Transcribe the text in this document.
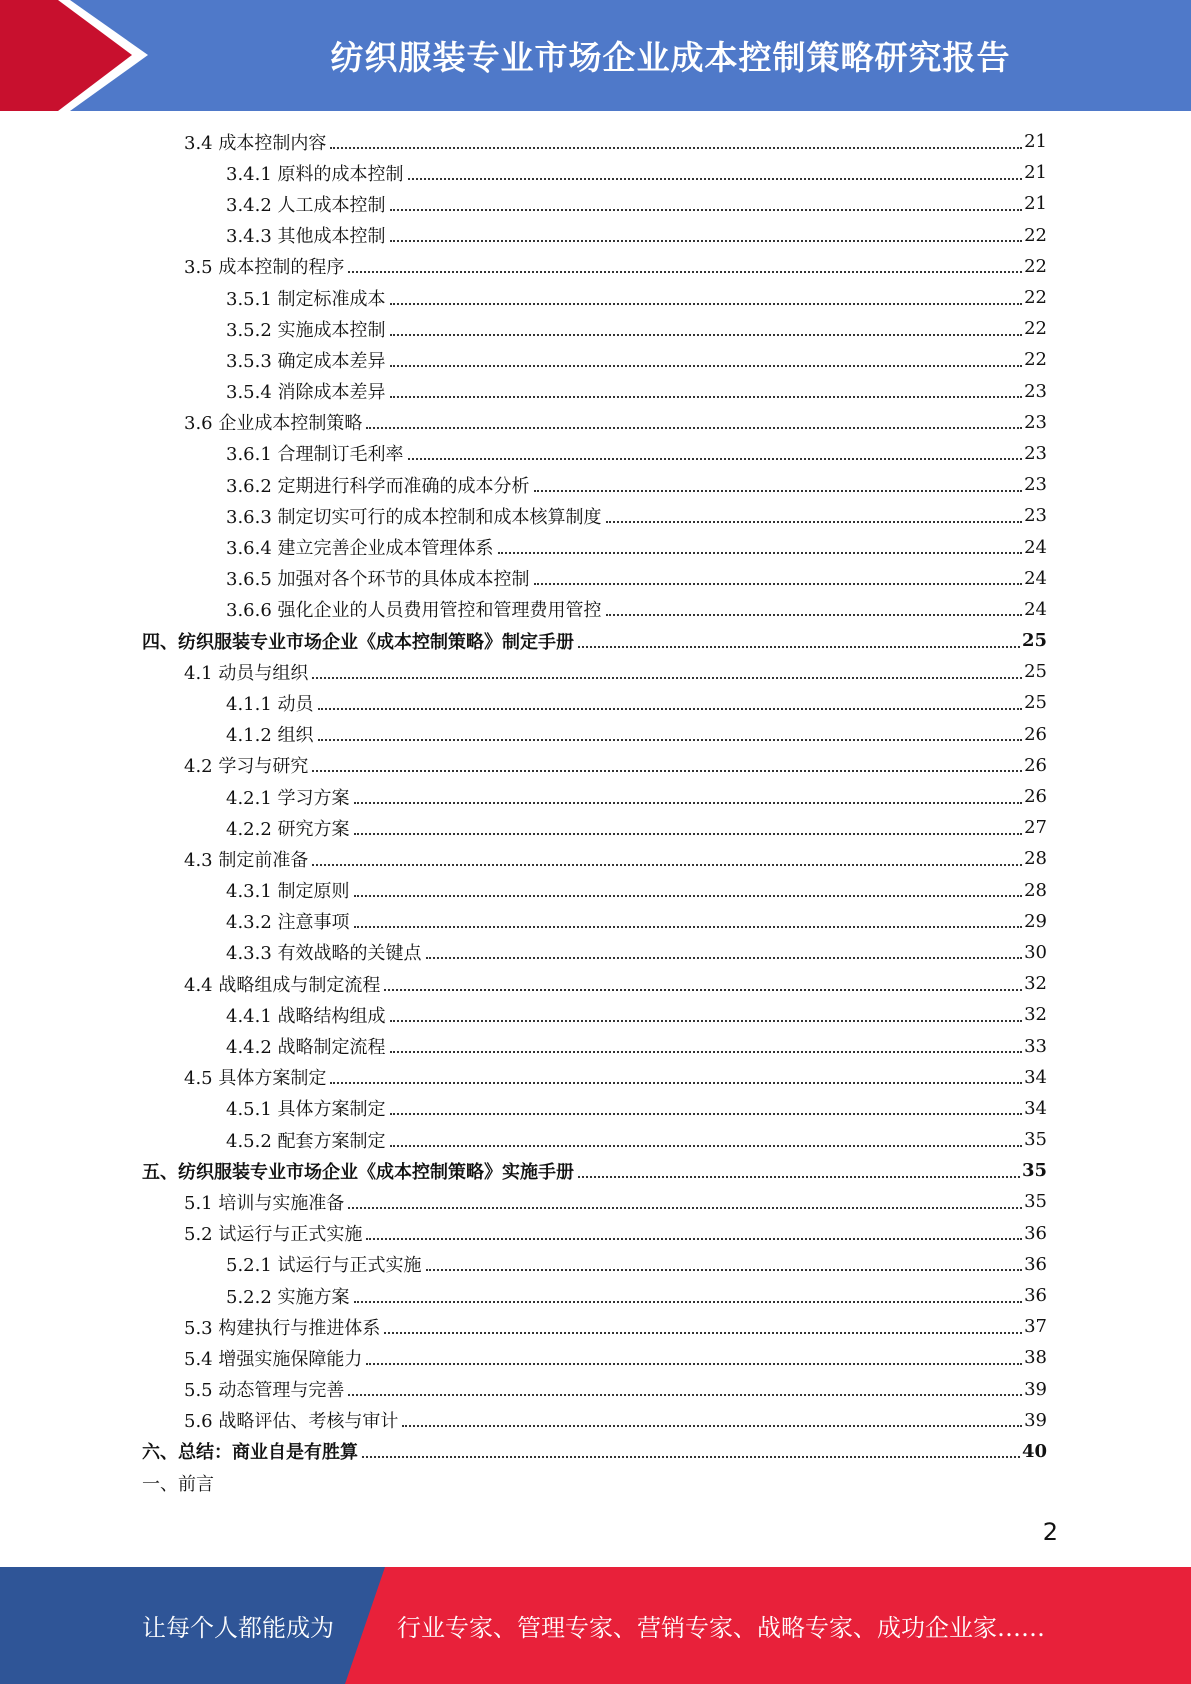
纺织服装专业市场企业成本控制策略研究报告
3.4 成本控制内容	21
3.4.1 原料的成本控制	21
3.4.2 人工成本控制	21
3.4.3 其他成本控制	22
3.5 成本控制的程序	22
3.5.1 制定标准成本	22
3.5.2 实施成本控制	22
3.5.3 确定成本差异	22
3.5.4 消除成本差异	23
3.6 企业成本控制策略	23
3.6.1 合理制订毛利率	23
3.6.2 定期进行科学而准确的成本分析	23
3.6.3 制定切实可行的成本控制和成本核算制度	23
3.6.4 建立完善企业成本管理体系	24
3.6.5 加强对各个环节的具体成本控制	24
3.6.6 强化企业的人员费用管控和管理费用管控	24
四、纺织服装专业市场企业《成本控制策略》制定手册	25
4.1 动员与组织	25
4.1.1 动员	25
4.1.2 组织	26
4.2 学习与研究	26
4.2.1 学习方案	26
4.2.2 研究方案	27
4.3 制定前准备	28
4.3.1 制定原则	28
4.3.2 注意事项	29
4.3.3 有效战略的关键点	30
4.4 战略组成与制定流程	32
4.4.1 战略结构组成	32
4.4.2 战略制定流程	33
4.5 具体方案制定	34
4.5.1 具体方案制定	34
4.5.2 配套方案制定	35
五、纺织服装专业市场企业《成本控制策略》实施手册	35
5.1 培训与实施准备	35
5.2 试运行与正式实施	36
5.2.1 试运行与正式实施	36
5.2.2 实施方案	36
5.3 构建执行与推进体系	37
5.4 增强实施保障能力	38
5.5 动态管理与完善	39
5.6 战略评估、考核与审计	39
六、总结：商业自是有胜算	40
一、前言
2
让每个人都能成为	行业专家、管理专家、营销专家、战略专家、成功企业家……
